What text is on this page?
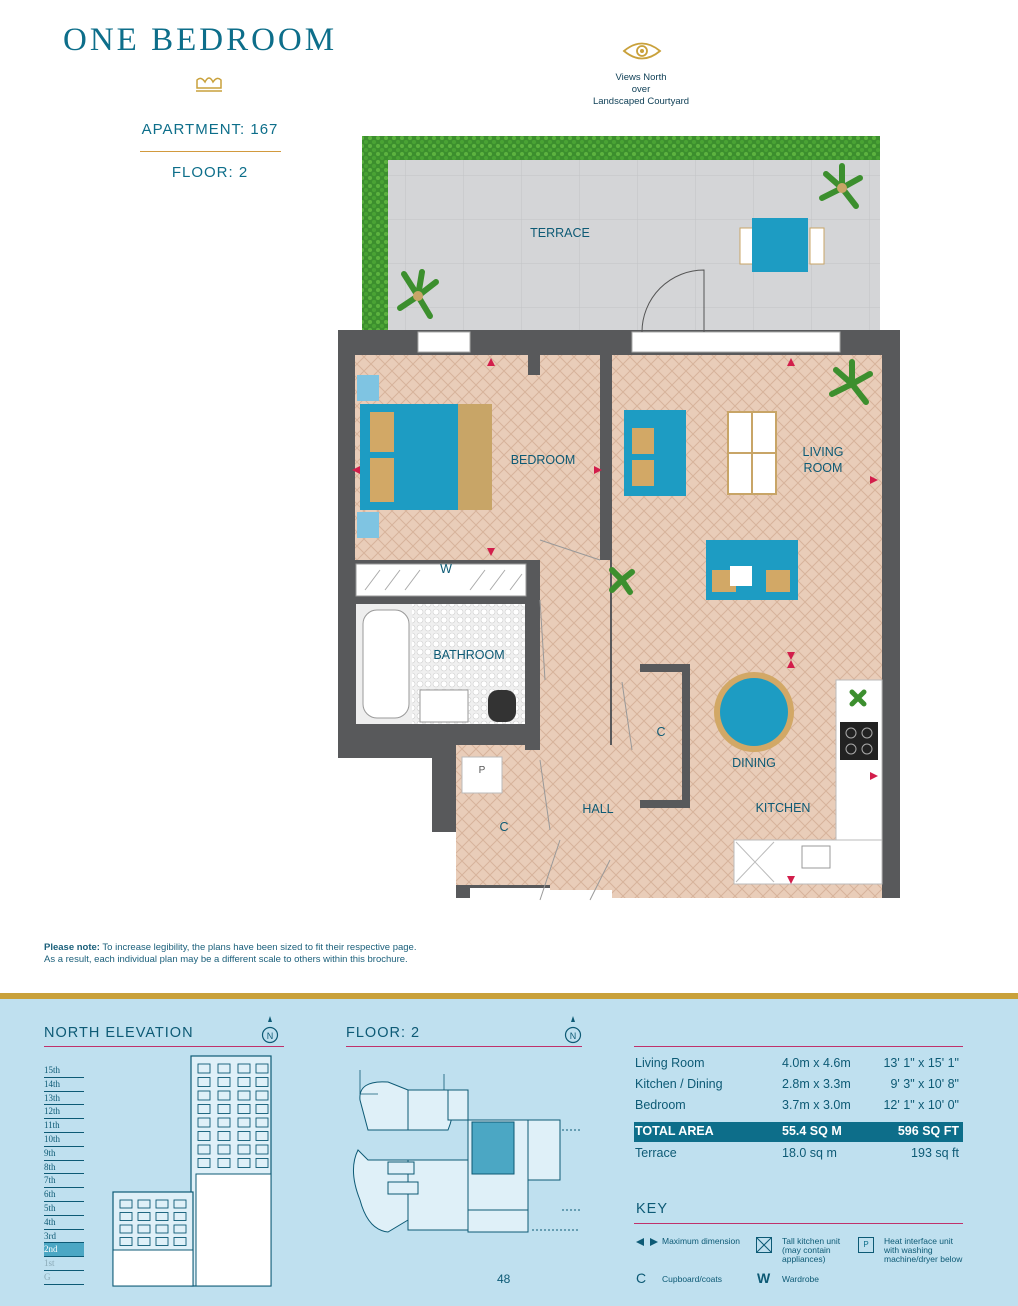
ONE BEDROOM
APARTMENT: 167
FLOOR: 2
Views North
over
Landscaped Courtyard
TERRACE
BEDROOM
LIVING
ROOM
W
BATHROOM
C
P
C
HALL
DINING
KITCHEN
Please note: To increase legibility, the plans have been sized to fit their respective page.
As a result, each individual plan may be a different scale to others within this brochure.
NORTH ELEVATION	N
15th
14th
13th
12th
11th
10th
9th
8th
7th
6th
5th
4th
3rd
2nd
1st
G
FLOOR: 2	N
48
Living Room	4.0m x 4.6m	13' 1" x 15' 1"
Kitchen / Dining	2.8m x 3.3m	9' 3" x 10' 8"
Bedroom	3.7m x 3.0m	12' 1" x 10' 0"
TOTAL AREA	55.4 SQ M	596 SQ FT
Terrace	18.0 sq m	193 sq ft
KEY
Maximum dimension	Tall kitchen unit
(may contain
appliances)
P	Heat interface unit
with washing
machine/dryer below
C Cupboard/coats W Wardrobe
